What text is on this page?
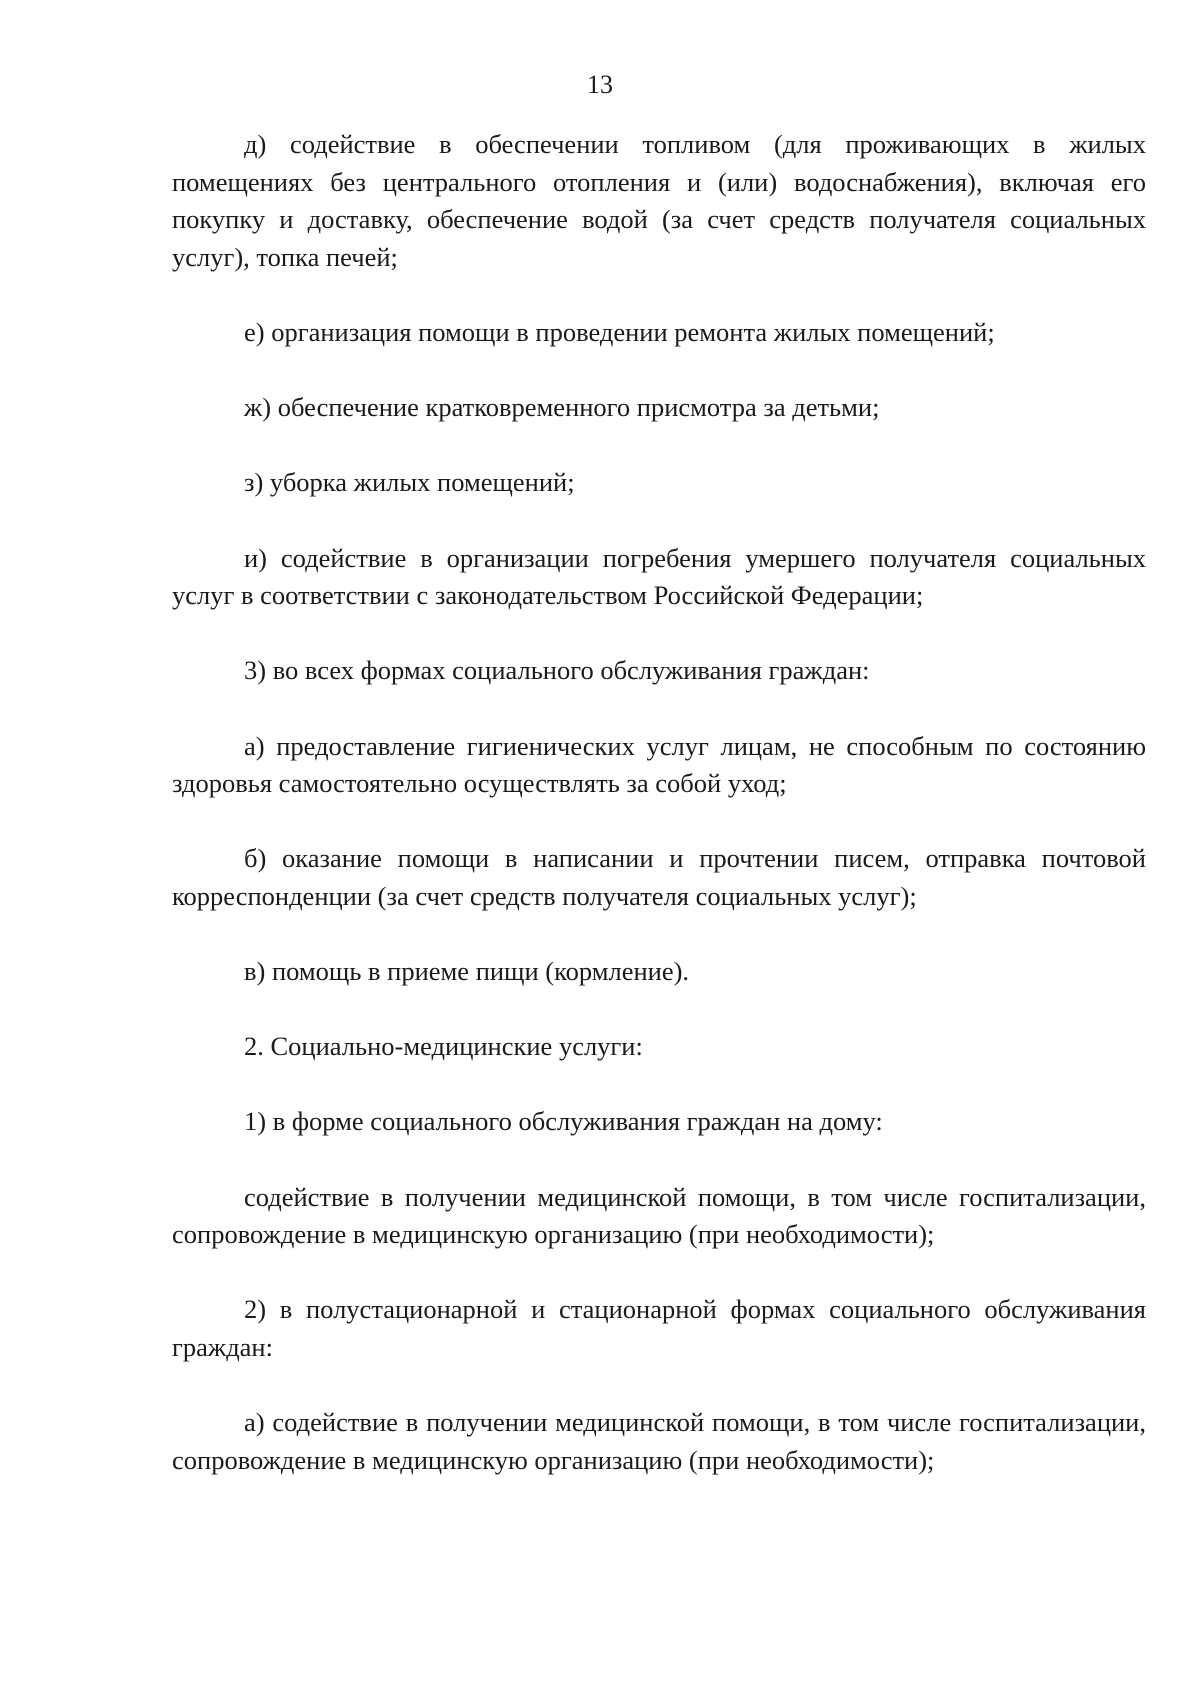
13

д) содействие в обеспечении топливом (для проживающих в жилых помещениях без центрального отопления и (или) водоснабжения), включая его покупку и доставку, обеспечение водой (за счет средств получателя социальных услуг), топка печей;

е) организация помощи в проведении ремонта жилых помещений;

ж) обеспечение кратковременного присмотра за детьми;

з) уборка жилых помещений;

и) содействие в организации погребения умершего получателя социальных услуг в соответствии с законодательством Российской Федерации;

3) во всех формах социального обслуживания граждан:

а) предоставление гигиенических услуг лицам, не способным по состоянию здоровья самостоятельно осуществлять за собой уход;

б) оказание помощи в написании и прочтении писем, отправка почтовой корреспонденции (за счет средств получателя социальных услуг);

в) помощь в приеме пищи (кормление).

2. Социально-медицинские услуги:

1) в форме социального обслуживания граждан на дому:

содействие в получении медицинской помощи, в том числе госпитализации, сопровождение в медицинскую организацию (при необходимости);

2) в полустационарной и стационарной формах социального обслуживания граждан:

а) содействие в получении медицинской помощи, в том числе госпитализации, сопровождение в медицинскую организацию (при необходимости);
